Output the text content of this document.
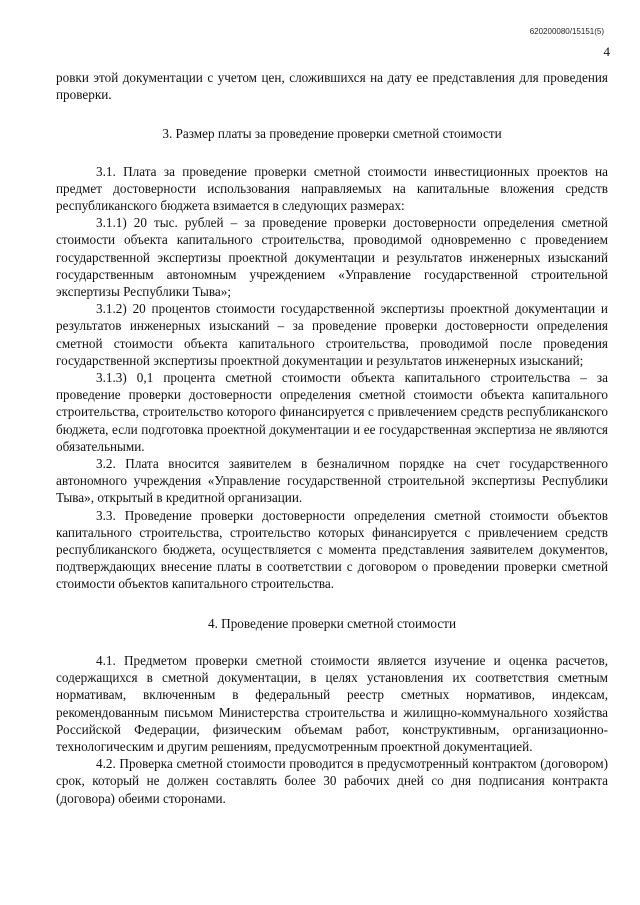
620200080/15151(5)
4

ровки этой документации с учетом цен, сложившихся на дату ее представления для проведения проверки.

3. Размер платы за проведение проверки сметной стоимости

3.1. Плата за проведение проверки сметной стоимости инвестиционных проектов на предмет достоверности использования направляемых на капитальные вложения средств республиканского бюджета взимается в следующих размерах:

3.1.1) 20 тыс. рублей – за проведение проверки достоверности определения сметной стоимости объекта капитального строительства, проводимой одновременно с проведением государственной экспертизы проектной документации и результатов инженерных изысканий государственным автономным учреждением «Управление государственной строительной экспертизы Республики Тыва»;

3.1.2) 20 процентов стоимости государственной экспертизы проектной документации и результатов инженерных изысканий – за проведение проверки достоверности определения сметной стоимости объекта капитального строительства, проводимой после проведения государственной экспертизы проектной документации и результатов инженерных изысканий;

3.1.3) 0,1 процента сметной стоимости объекта капитального строительства – за проведение проверки достоверности определения сметной стоимости объекта капитального строительства, строительство которого финансируется с привлечением средств республиканского бюджета, если подготовка проектной документации и ее государственная экспертиза не являются обязательными.

3.2. Плата вносится заявителем в безналичном порядке на счет государственного автономного учреждения «Управление государственной строительной экспертизы Республики Тыва», открытый в кредитной организации.

3.3. Проведение проверки достоверности определения сметной стоимости объектов капитального строительства, строительство которых финансируется с привлечением средств республиканского бюджета, осуществляется с момента представления заявителем документов, подтверждающих внесение платы в соответствии с договором о проведении проверки сметной стоимости объектов капитального строительства.

4. Проведение проверки сметной стоимости

4.1. Предметом проверки сметной стоимости является изучение и оценка расчетов, содержащихся в сметной документации, в целях установления их соответствия сметным нормативам, включенным в федеральный реестр сметных нормативов, индексам, рекомендованным письмом Министерства строительства и жилищно-коммунального хозяйства Российской Федерации, физическим объемам работ, конструктивным, организационно-технологическим и другим решениям, предусмотренным проектной документацией.

4.2. Проверка сметной стоимости проводится в предусмотренный контрактом (договором) срок, который не должен составлять более 30 рабочих дней со дня подписания контракта (договора) обеими сторонами.
